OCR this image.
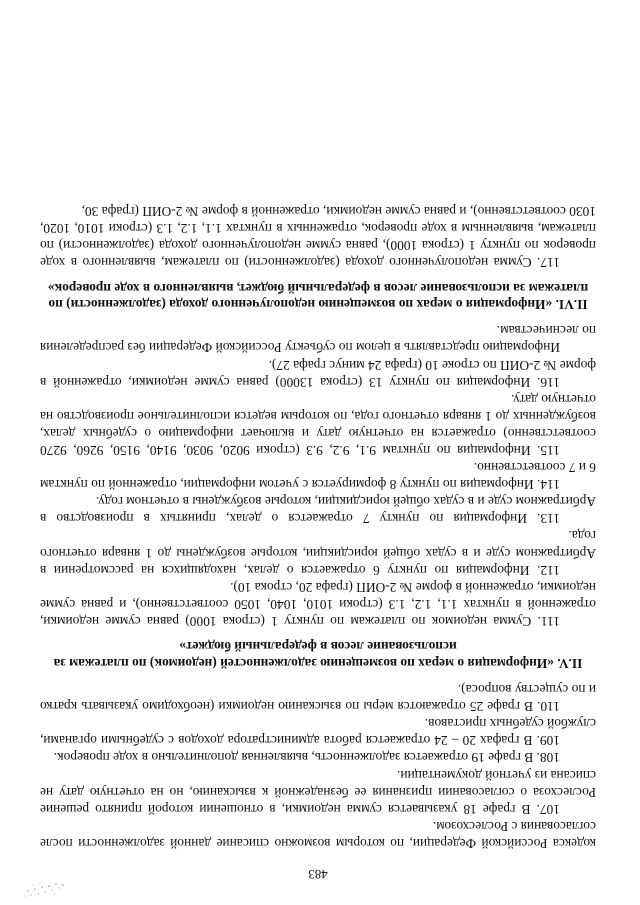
483

кодекса Российской Федерации, по которым возможно списание данной задолженности после согласования с Рослесхозом.

107. В графе 18 указывается сумма недоимки, в отношении которой принято решение Рослесхоза о согласовании признания ее безнадежной к взысканию, но на отчетную дату не списана из учетной документации.

108. В графе 19 отражается задолженность, выявленная дополнительно в ходе проверок.

109. В графах 20 – 24 отражается работа администратора доходов с судебными органами, службой судебных приставов.

110. В графе 25 отражаются меры по взысканию недоимки (необходимо указывать кратко и по существу вопроса).

II.V. «Информация о мерах по возмещению задолженностей (недоимок) по платежам за использование лесов в федеральный бюджет»

111. Сумма недоимок по платежам по пункту 1 (строка 1000) равна сумме недоимки, отраженной в пунктах 1.1, 1.2, 1.3 (строки 1010, 1040, 1050 соответственно), и равна сумме недоимки, отраженной в форме № 2-ОИП (графа 20, строка 10).

112. Информация по пункту 6 отражается о делах, находящихся на рассмотрении в Арбитражном суде и в судах общей юрисдикции, которые возбуждены до 1 января отчетного года.

113. Информация по пункту 7 отражается о делах, принятых в производство в Арбитражном суде и в судах общей юрисдикции, которые возбуждены в отчетном году.

114. Информация по пункту 8 формируется с учетом информации, отраженной по пунктам 6 и 7 соответственно.

115. Информация по пунктам 9.1, 9.2, 9.3 (строки 9020, 9030, 9140, 9150, 9260, 9270 соответственно) отражается на отчетную дату и включает информацию о судебных делах, возбужденных до 1 января отчетного года, по которым ведется исполнительное производство на отчетную дату.

116. Информация по пункту 13 (строка 13000) равна сумме недоимки, отраженной в форме № 2-ОИП по строке 10 (графа 24 минус графа 27).

Информацию представлять в целом по субъекту Российской Федерации без распределения по лесничествам.

II.VI. «Информация о мерах по возмещению недополученного дохода (задолженности) по платежам за использование лесов в федеральный бюджет, выявленного в ходе проверок»

117. Сумма недополученного дохода (задолженности) по платежам, выявленного в ходе проверок по пункту 1 (строка 1000), равна сумме недополученного дохода (задолженности) по платежам, выявленным в ходе проверок, отраженных в пунктах 1.1, 1.2, 1.3 (строки 1010, 1020, 1030 соответственно), и равна сумме недоимки, отраженной в форме № 2-ОИП (графа 30,
